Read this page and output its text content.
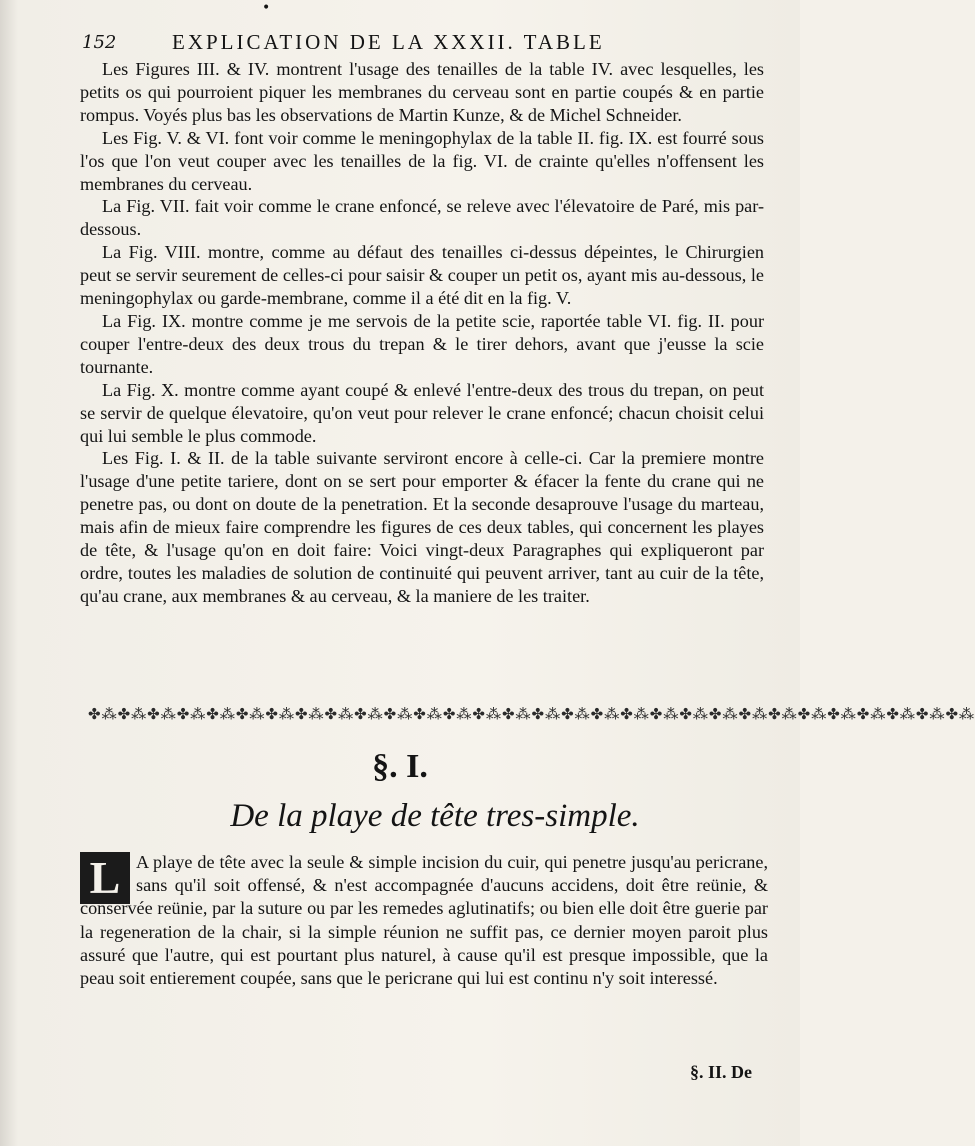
•
152	EXPLICATION DE LA XXXII. TABLE

Les Figures III. & IV. montrent l'usage des tenailles de la table IV. avec lesquelles, les petits os qui pourroient piquer les membranes du cerveau sont en partie coupés & en partie rompus. Voyés plus bas les observations de Martin Kunze, & de Michel Schneider.

Les Fig. V. & VI. font voir comme le meningophylax de la table II. fig. IX. est fourré sous l'os que l'on veut couper avec les tenailles de la fig. VI. de crainte qu'elles n'offensent les membranes du cerveau.

La Fig. VII. fait voir comme le crane enfoncé, se releve avec l'élevatoire de Paré, mis par-dessous.

La Fig. VIII. montre, comme au défaut des tenailles ci-dessus dépeintes, le Chirurgien peut se servir seurement de celles-ci pour saisir & couper un petit os, ayant mis au-dessous, le meningophylax ou garde-membrane, comme il a été dit en la fig. V.

La Fig. IX. montre comme je me servois de la petite scie, raportée table VI. fig. II. pour couper l'entre-deux des deux trous du trepan & le tirer dehors, avant que j'eusse la scie tournante.

La Fig. X. montre comme ayant coupé & enlevé l'entre-deux des trous du trepan, on peut se servir de quelque élevatoire, qu'on veut pour relever le crane enfoncé; chacun choisit celui qui lui semble le plus commode.

Les Fig. I. & II. de la table suivante serviront encore à celle-ci. Car la premiere montre l'usage d'une petite tariere, dont on se sert pour emporter & éfacer la fente du crane qui ne penetre pas, ou dont on doute de la penetration. Et la seconde desaprouve l'usage du marteau, mais afin de mieux faire comprendre les figures de ces deux tables, qui concernent les playes de tête, & l'usage qu'on en doit faire: Voici vingt-deux Paragraphes qui expliqueront par ordre, toutes les maladies de solution de continuité qui peuvent arriver, tant au cuir de la tête, qu'au crane, aux membranes & au cerveau, & la maniere de les traiter.

✤⁂✤⁂✤⁂✤⁂✤⁂✤⁂✤⁂✤⁂✤⁂✤⁂✤⁂✤⁂✤⁂✤⁂✤⁂✤⁂✤⁂✤⁂✤⁂✤⁂✤⁂✤⁂✤⁂✤⁂✤⁂✤⁂✤⁂✤⁂✤⁂✤⁂
§. I.
De la playe de tête tres-simple.
L A playe de tête avec la seule & simple incision du cuir, qui penetre jusqu'au pericrane, sans qu'il soit offensé, & n'est accompagnée d'aucuns accidens, doit être reünie, & conservée reünie, par la suture ou par les remedes aglutinatifs; ou bien elle doit être guerie par la regeneration de la chair, si la simple réunion ne suffit pas, ce dernier moyen paroit plus assuré que l'autre, qui est pourtant plus naturel, à cause qu'il est presque impossible, que la peau soit entierement coupée, sans que le pericrane qui lui est continu n'y soit interessé.
§. II. De
